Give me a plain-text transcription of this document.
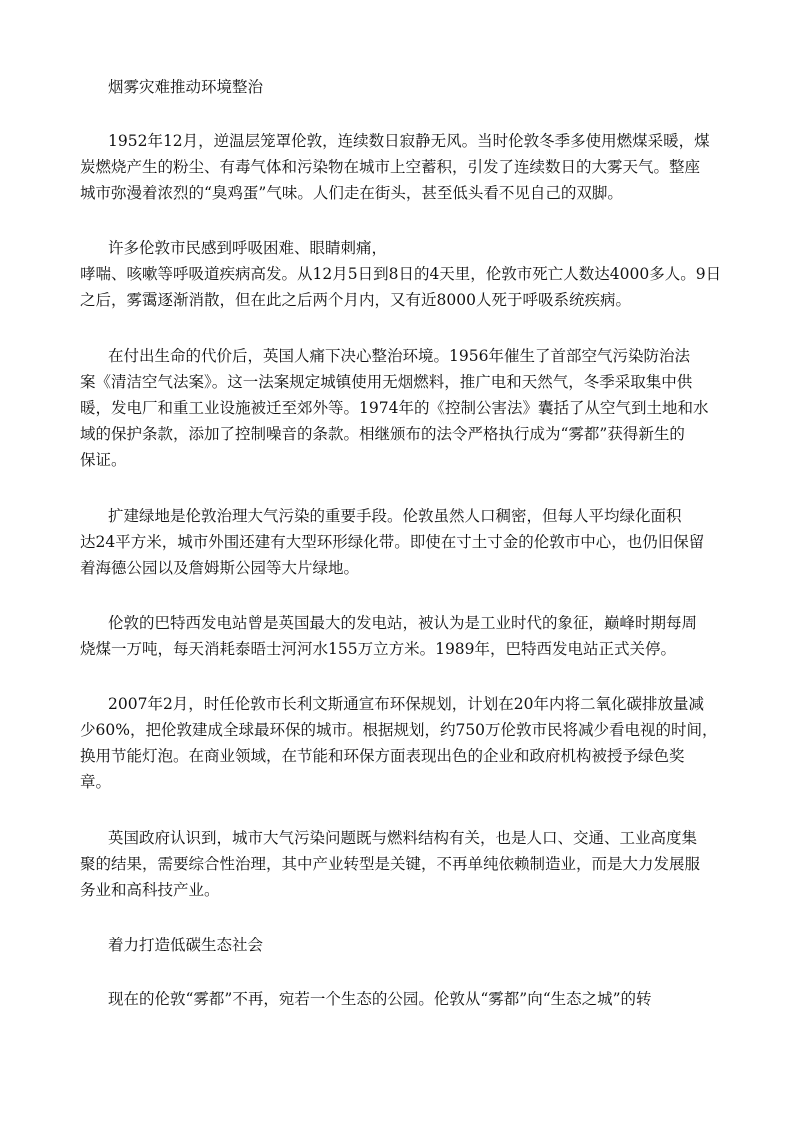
烟雾灾难推动环境整治
1952年12月，逆温层笼罩伦敦，连续数日寂静无风。当时伦敦冬季多使用燃煤采暖，煤
炭燃烧产生的粉尘、有毒气体和污染物在城市上空蓄积，引发了连续数日的大雾天气。整座
城市弥漫着浓烈的“臭鸡蛋”气味。人们走在街头，甚至低头看不见自己的双脚。
许多伦敦市民感到呼吸困难、眼睛刺痛，
哮喘、咳嗽等呼吸道疾病高发。从12月5日到8日的4天里，伦敦市死亡人数达4000多人。9日
之后，雾霭逐渐消散，但在此之后两个月内，又有近8000人死于呼吸系统疾病。
在付出生命的代价后，英国人痛下决心整治环境。1956年催生了首部空气污染防治法
案《清洁空气法案》。这一法案规定城镇使用无烟燃料，推广电和天然气，冬季采取集中供
暖，发电厂和重工业设施被迁至郊外等。1974年的《控制公害法》囊括了从空气到土地和水
域的保护条款，添加了控制噪音的条款。相继颁布的法令严格执行成为“雾都”获得新生的
保证。
扩建绿地是伦敦治理大气污染的重要手段。伦敦虽然人口稠密，但每人平均绿化面积
达24平方米，城市外围还建有大型环形绿化带。即使在寸土寸金的伦敦市中心，也仍旧保留
着海德公园以及詹姆斯公园等大片绿地。
伦敦的巴特西发电站曾是英国最大的发电站，被认为是工业时代的象征，巅峰时期每周
烧煤一万吨，每天消耗泰晤士河河水155万立方米。1989年，巴特西发电站正式关停。
2007年2月，时任伦敦市长利文斯通宣布环保规划，计划在20年内将二氧化碳排放量减
少60%，把伦敦建成全球最环保的城市。根据规划，约750万伦敦市民将减少看电视的时间，
换用节能灯泡。在商业领域，在节能和环保方面表现出色的企业和政府机构被授予绿色奖
章。
英国政府认识到，城市大气污染问题既与燃料结构有关，也是人口、交通、工业高度集
聚的结果，需要综合性治理，其中产业转型是关键，不再单纯依赖制造业，而是大力发展服
务业和高科技产业。
着力打造低碳生态社会
现在的伦敦“雾都”不再，宛若一个生态的公园。伦敦从“雾都”向“生态之城”的转
